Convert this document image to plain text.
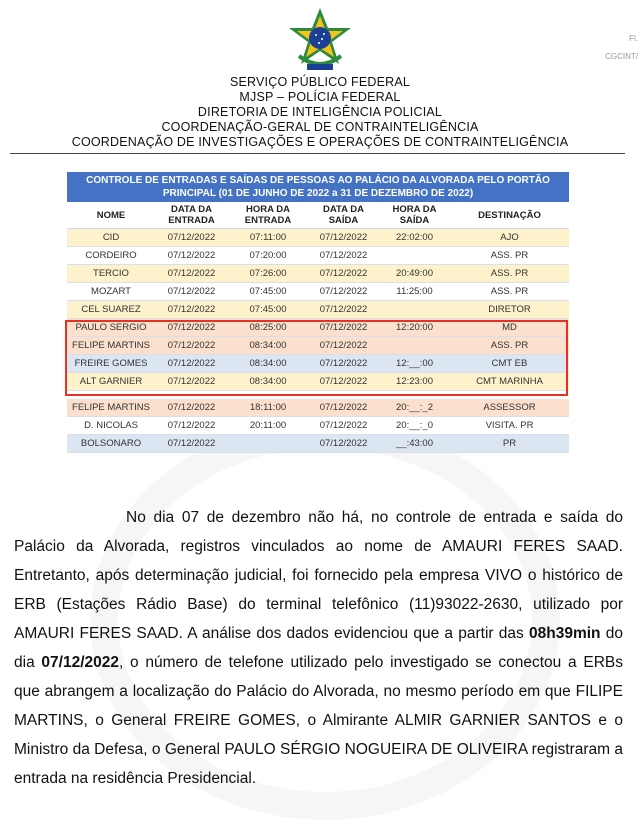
Fl.
CGCINT/
SERVIÇO PÚBLICO FEDERAL
MJSP – POLÍCIA FEDERAL
DIRETORIA DE INTELIGÊNCIA POLICIAL
COORDENAÇÃO-GERAL DE CONTRAINTELIGÊNCIA
COORDENAÇÃO DE INVESTIGAÇÕES E OPERAÇÕES DE CONTRAINTELIGÊNCIA
CONTROLE DE ENTRADAS E SAÍDAS DE PESSOAS AO PALÁCIO DA ALVORADA PELO PORTÃO PRINCIPAL (01 DE JUNHO DE 2022 a 31 DE DEZEMBRO DE 2022)					
NOME	DATA DA ENTRADA	HORA DA ENTRADA	DATA DA SAÍDA	HORA DA SAÍDA	DESTINAÇÃO
CID	07/12/2022	07:11:00	07/12/2022	22:02:00	AJO
CORDEIRO	07/12/2022	07:20:00	07/12/2022		ASS. PR
TERCIO	07/12/2022	07:26:00	07/12/2022	20:49:00	ASS. PR
MOZART	07/12/2022	07:45:00	07/12/2022	11:25:00	ASS. PR
CEL SUAREZ	07/12/2022	07:45:00	07/12/2022		DIRETOR
PAULO SERGIO	07/12/2022	08:25:00	07/12/2022	12:20:00	MD
FELIPE MARTINS	07/12/2022	08:34:00	07/12/2022		ASS. PR
FREIRE GOMES	07/12/2022	08:34:00	07/12/2022	12:__:00	CMT EB
ALT GARNIER	07/12/2022	08:34:00	07/12/2022	12:23:00	CMT MARINHA

FELIPE MARTINS	07/12/2022	18:11:00	07/12/2022	20:__:_2	ASSESSOR
D. NICOLAS	07/12/2022	20:11:00	07/12/2022	20:__:_0	VISITA. PR
BOLSONARO	07/12/2022		07/12/2022	__:43:00	PR

No dia 07 de dezembro não há, no controle de entrada e saída do Palácio da Alvorada, registros vinculados ao nome de AMAURI FERES SAAD. Entretanto, após determinação judicial, foi fornecido pela empresa VIVO o histórico de ERB (Estações Rádio Base) do terminal telefônico (11)93022-2630, utilizado por AMAURI FERES SAAD. A análise dos dados evidenciou que a partir das 08h39min do dia 07/12/2022, o número de telefone utilizado pelo investigado se conectou a ERBs que abrangem a localização do Palácio do Alvorada, no mesmo período em que FILIPE MARTINS, o General FREIRE GOMES, o Almirante ALMIR GARNIER SANTOS e o Ministro da Defesa, o General PAULO SÉRGIO NOGUEIRA DE OLIVEIRA registraram a entrada na residência Presidencial.
